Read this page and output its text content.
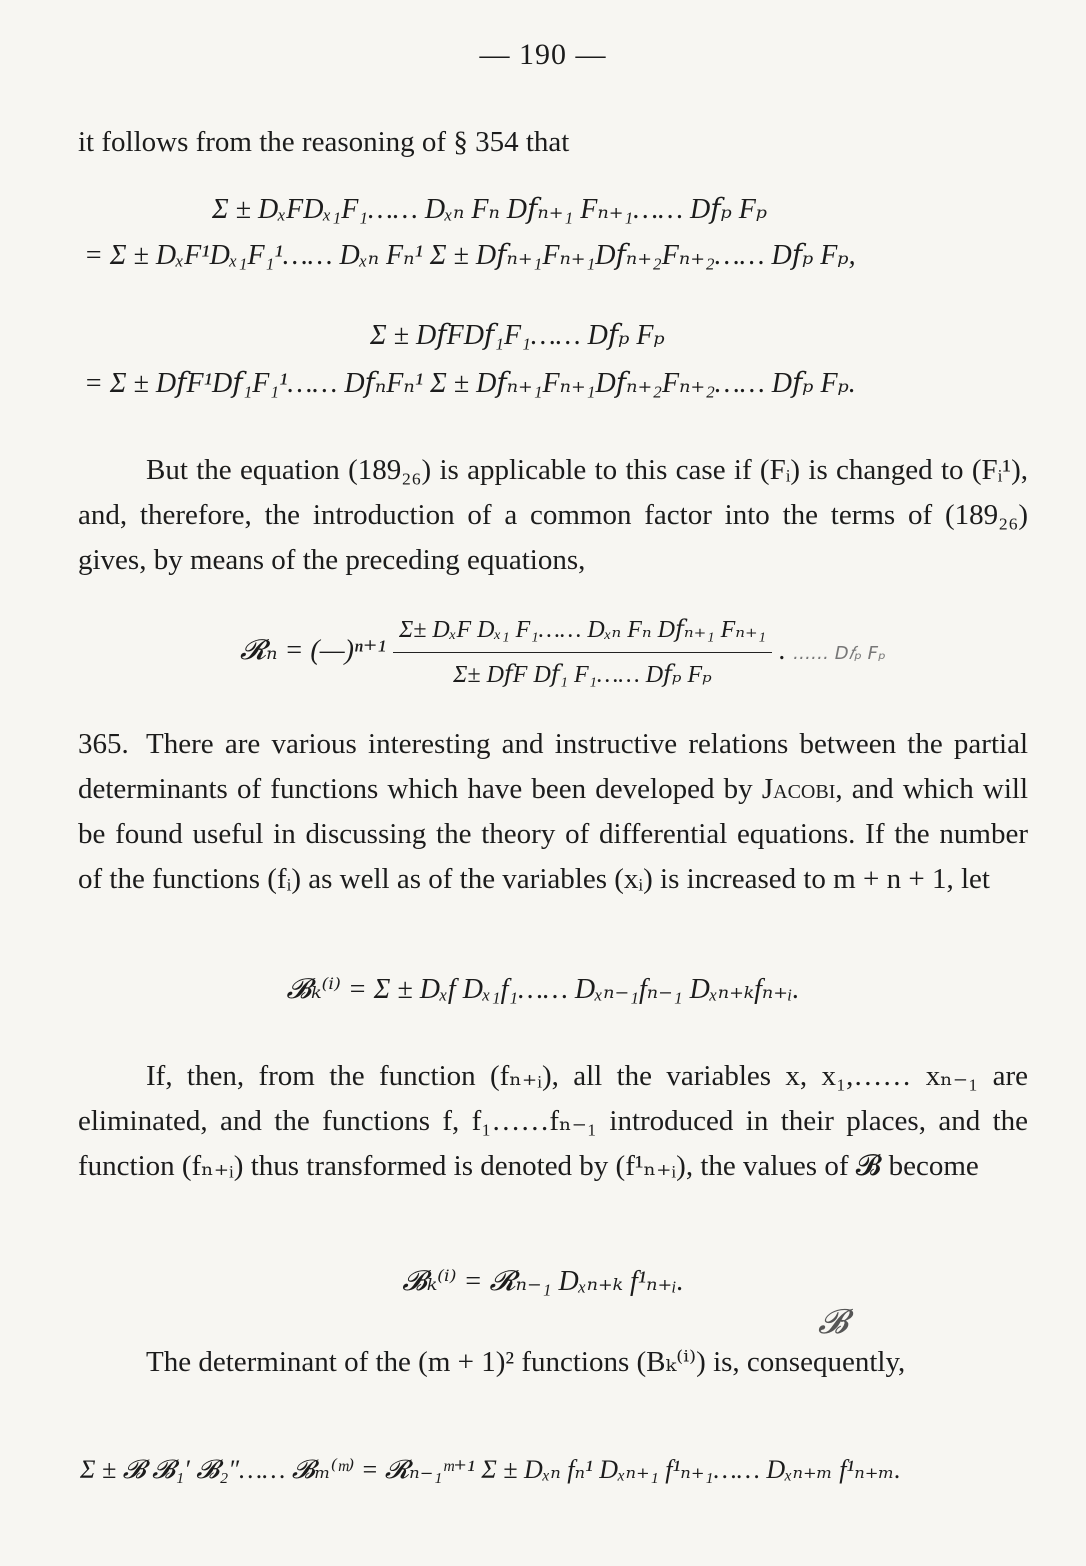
— 190 —
it follows from the reasoning of § 354 that
Σ ± DₓFDₓ₁F₁…… Dₓₙ Fₙ D𝑓ₙ₊₁ Fₙ₊₁…… D𝑓ₚ Fₚ
= Σ ± DₓF¹Dₓ₁F₁¹…… Dₓₙ Fₙ¹ Σ ± D𝑓ₙ₊₁Fₙ₊₁D𝑓ₙ₊₂Fₙ₊₂…… D𝑓ₚ Fₚ,
Σ ± D𝑓FD𝑓₁F₁…… D𝑓ₚ Fₚ
= Σ ± D𝑓F¹D𝑓₁F₁¹…… D𝑓ₙFₙ¹ Σ ± D𝑓ₙ₊₁Fₙ₊₁D𝑓ₙ₊₂Fₙ₊₂…… D𝑓ₚ Fₚ.
But the equation (189₂₆) is applicable to this case if (Fᵢ) is changed to (Fᵢ¹), and, therefore, the introduction of a common factor into the terms of (189₂₆) gives, by means of the preceding equations,
𝓡ₙ = (—)ⁿ⁺¹ $\frac{\text{Σ± DₓF Dₓ₁ F₁…… Dₓₙ Fₙ D𝑓ₙ₊₁ Fₙ₊₁}}{\text{Σ± D𝑓F D𝑓₁ F₁…… D𝑓ₚ Fₚ}}$ . …… D𝑓ₚ Fₚ
365. There are various interesting and instructive relations between the partial determinants of functions which have been developed by Jacobi, and which will be found useful in discussing the theory of differential equations. If the number of the functions (fᵢ) as well as of the variables (xᵢ) is increased to m + n + 1, let
𝓑ₖ⁽ⁱ⁾ = Σ ± Dₓf Dₓ₁f₁…… Dₓₙ₋₁fₙ₋₁ Dₓₙ₊ₖfₙ₊ᵢ.
If, then, from the function (fₙ₊ᵢ), all the variables x, x₁,…… xₙ₋₁ are eliminated, and the functions f, f₁……fₙ₋₁ introduced in their places, and the function (fₙ₊ᵢ) thus transformed is denoted by (f¹ₙ₊ᵢ), the values of 𝓑 become
𝓑ₖ⁽ⁱ⁾ = 𝓡ₙ₋₁ Dₓₙ₊ₖ f¹ₙ₊ᵢ.
𝓑
The determinant of the (m + 1)² functions (Bₖ⁽ⁱ⁾) is, consequently,
Σ ± 𝓑 𝓑₁′ 𝓑₂″…… 𝓑ₘ⁽ᵐ⁾ = 𝓡ₙ₋₁ᵐ⁺¹ Σ ± Dₓₙ fₙ¹ Dₓₙ₊₁ f¹ₙ₊₁…… Dₓₙ₊ₘ f¹ₙ₊ₘ.
